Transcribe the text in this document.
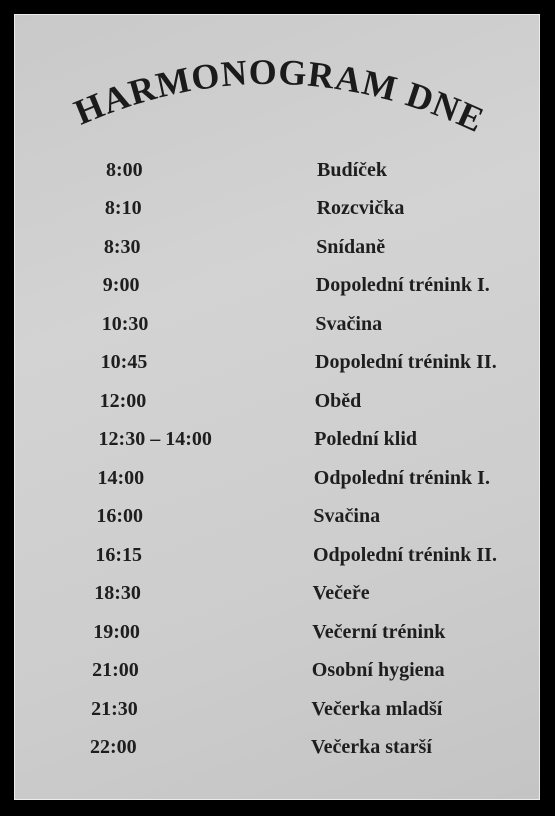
HARMONOGRAM DNE
8:00	Budíček
8:10	Rozcvička
8:30	Snídaně
9:00	Dopolední trénink I.
10:30	Svačina
10:45	Dopolední trénink II.
12:00	Oběd
12:30 – 14:00	Polední klid
14:00	Odpolední trénink I.
16:00	Svačina
16:15	Odpolední trénink II.
18:30	Večeře
19:00	Večerní trénink
21:00	Osobní hygiena
21:30	Večerka mladší
22:00	Večerka starší
